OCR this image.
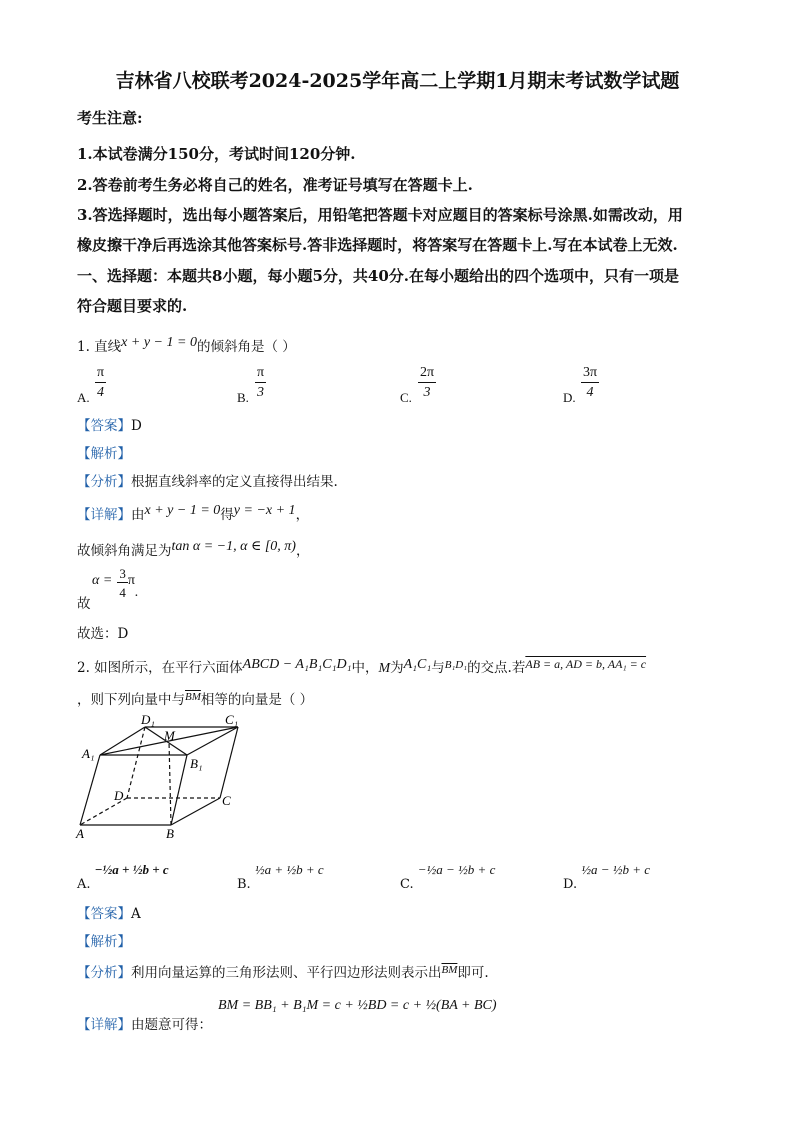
吉林省八校联考2024-2025学年高二上学期1月期末考试数学试题
考生注意:
1.本试卷满分150分，考试时间120分钟.
2.答卷前考生务必将自己的姓名，准考证号填写在答题卡上.
3.答选择题时，选出每小题答案后，用铅笔把答题卡对应题目的答案标号涂黑.如需改动，用
橡皮擦干净后再选涂其他答案标号.答非选择题时，将答案写在答题卡上.写在本试卷上无效.
一、选择题：本题共8小题，每小题5分，共40分.在每小题给出的四个选项中，只有一项是
符合题目要求的.
1. 直线x + y − 1 = 0的倾斜角是（ ）
A. $\frac{\pi}{4}$	B. $\frac{\pi}{3}$	C. $\frac{2\pi}{3}$	D. $\frac{3\pi}{4}$
【答案】D
【解析】
【分析】根据直线斜率的定义直接得出结果.
【详解】由x + y − 1 = 0得y = −x + 1，
故倾斜角满足为tan α = −1, α ∈ [0, π)，
故
$\alpha = \frac{3}{4} \pi$.
故选：D
2. 如图所示，在平行六面体ABCD − A₁B₁C₁D₁中，M为A₁C₁与$^{B_1D_1}$的交点.若AB = a, AD = b, AA₁ = c
，则下列向量中与$^{\overline{BM}}$相等的向量是（ ）
D₁	C₁
M
A₁
B₁
D	C
A	B
A. −½a + ½b + c
B. ½a + ½b + c
C. −½a − ½b + c
D. ½a − ½b + c
【答案】A
【解析】
【分析】利用向量运算的三角形法则、平行四边形法则表示出$^{\overline{BM}}$即可.
【详解】由题意可得：
BM = BB₁ + B₁M = c + ½BD = c + ½(BA + BC)
